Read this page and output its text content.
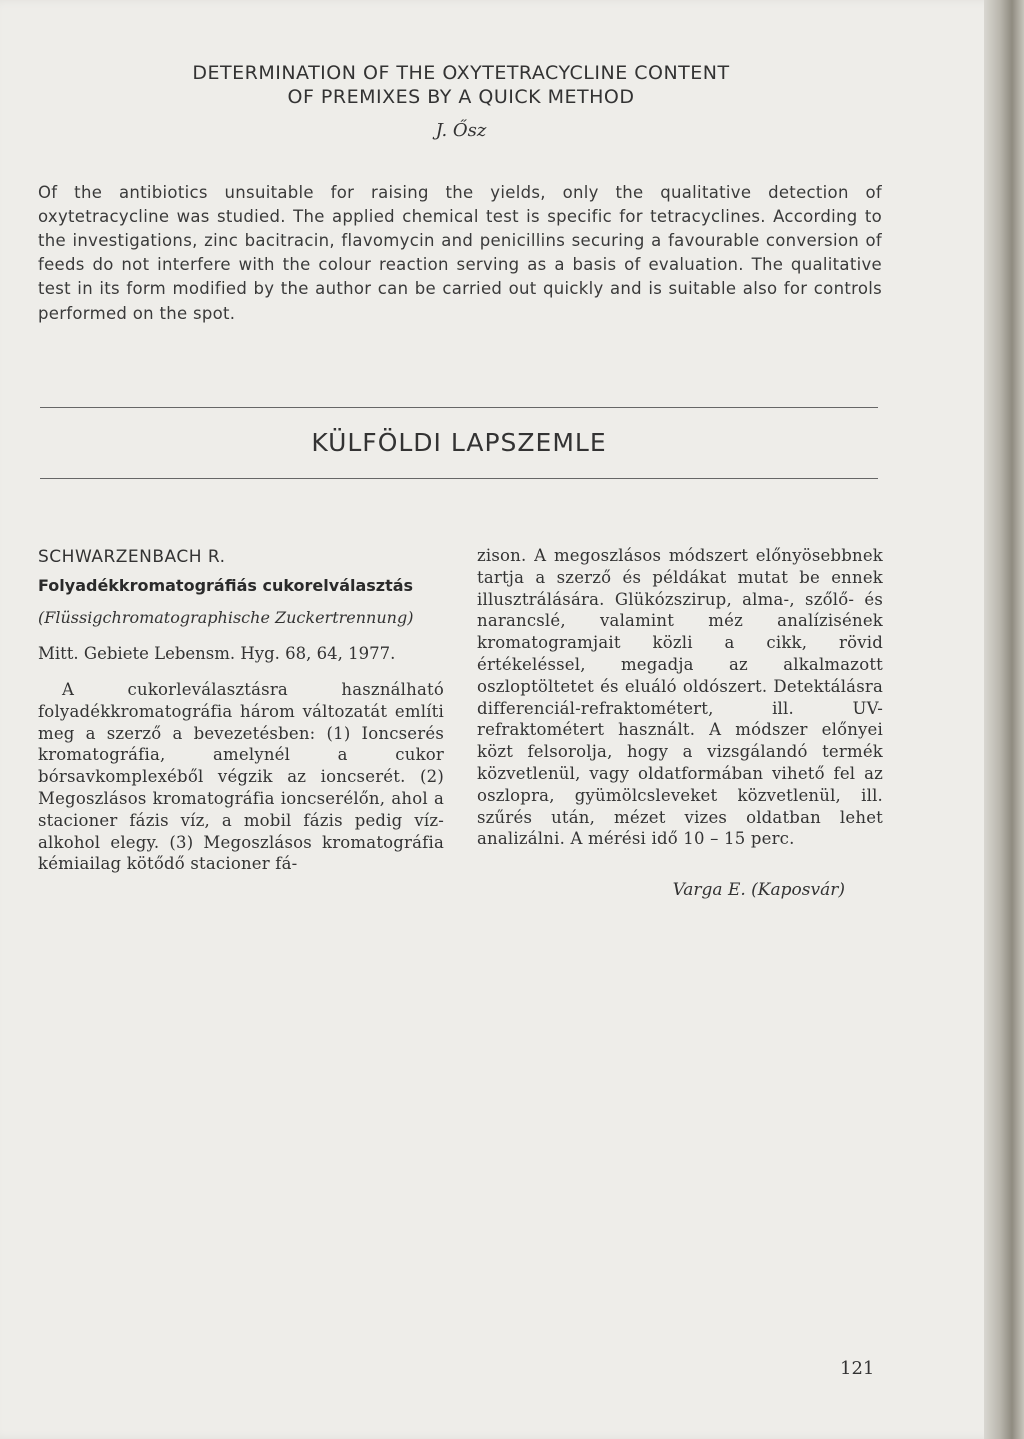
DETERMINATION OF THE OXYTETRACYCLINE CONTENT
OF PREMIXES BY A QUICK METHOD
J. Ősz

Of the antibiotics unsuitable for raising the yields, only the qualitative detection of oxytetracycline was studied. The applied chemical test is specific for tetracyclines. According to the investigations, zinc bacitracin, flavomycin and penicillins securing a favourable conversion of feeds do not interfere with the colour reaction serving as a basis of evaluation. The qualitative test in its form modified by the author can be carried out quickly and is suitable also for controls performed on the spot.

KÜLFÖLDI LAPSZEMLE
SCHWARZENBACH R.
Folyadékkromatográfiás cukorelválasztás
(Flüssigchromatographische Zuckertrennung)
Mitt. Gebiete Lebensm. Hyg. 68, 64, 1977.

A cukorleválasztásra használható folyadékkromatográfia három változatát említi meg a szerző a bevezetésben: (1) Ioncserés kromatográfia, amelynél a cukor bórsavkomplexéből végzik az ioncserét. (2) Megoszlásos kromatográfia ioncserélőn, ahol a stacioner fázis víz, a mobil fázis pedig víz-alkohol elegy. (3) Megoszlásos kromatográfia kémiailag kötődő stacioner fá-

zison. A megoszlásos módszert előnyösebbnek tartja a szerző és példákat mutat be ennek illusztrálására. Glükózszirup, alma-, szőlő- és narancslé, valamint méz analízisének kromatogramjait közli a cikk, rövid értékeléssel, megadja az alkalmazott oszloptöltetet és eluáló oldószert. Detektálásra differenciál-refraktométert, ill. UV-refraktométert használt. A módszer előnyei közt felsorolja, hogy a vizsgálandó termék közvetlenül, vagy oldatformában vihető fel az oszlopra, gyümölcsleveket közvetlenül, ill. szűrés után, mézet vizes oldatban lehet analizálni. A mérési idő 10 – 15 perc.

Varga E. (Kaposvár)
121
